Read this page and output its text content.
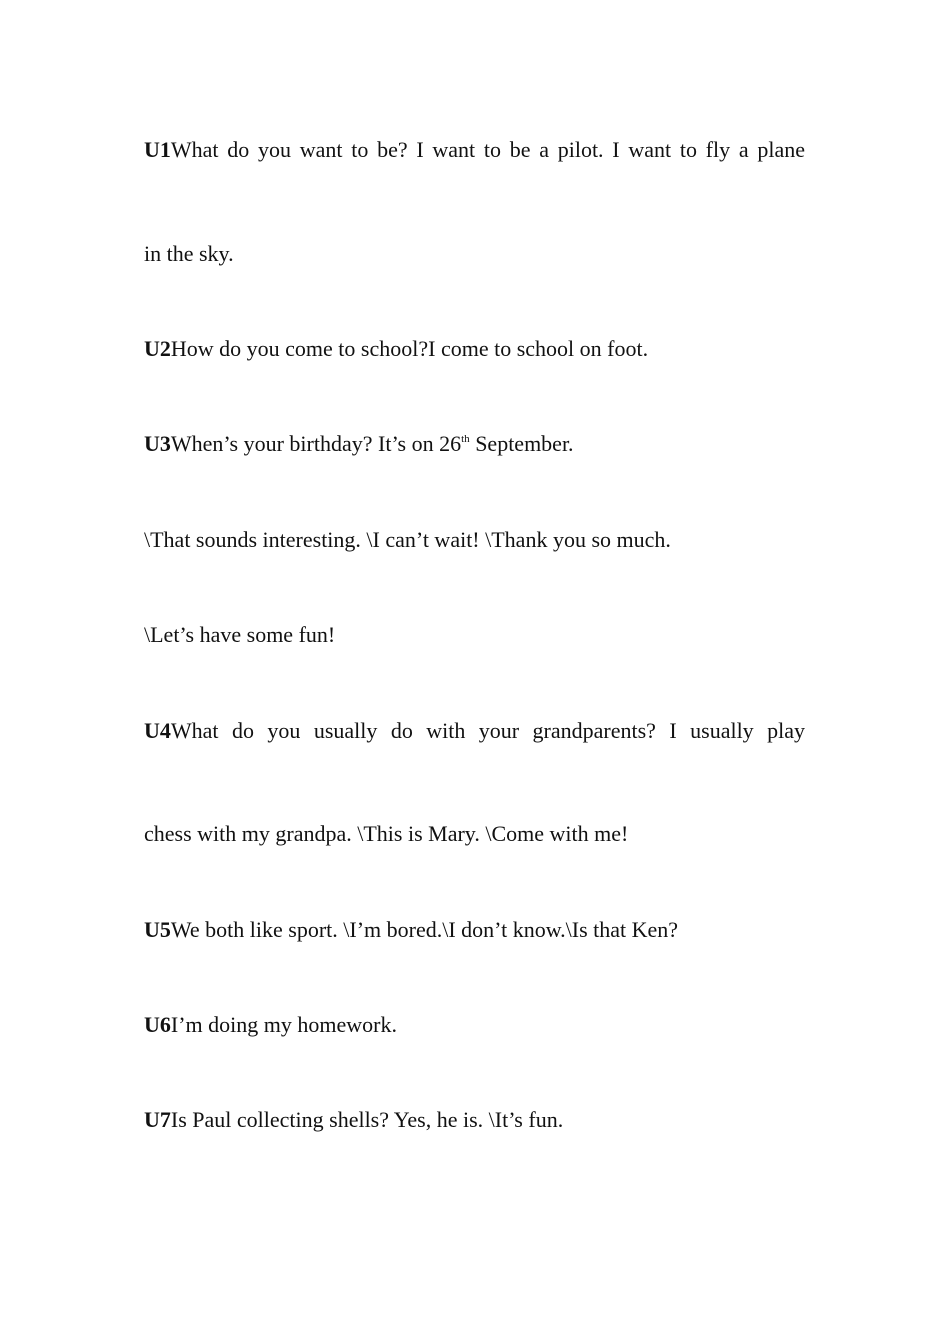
U1What do you want to be? I want to be a pilot. I want to fly a plane
in the sky.
U2How do you come to school?I come to school on foot.
U3When’s your birthday? It’s on 26th September.
\That sounds interesting. \I can’t wait! \Thank you so much.
\Let’s have some fun!
U4What do you usually do with your grandparents? I usually play
chess with my grandpa. \This is Mary. \Come with me!
U5We both like sport. \I’m bored.\I don’t know.\Is that Ken?
U6I’m doing my homework.
U7Is Paul collecting shells? Yes, he is. \It’s fun.
